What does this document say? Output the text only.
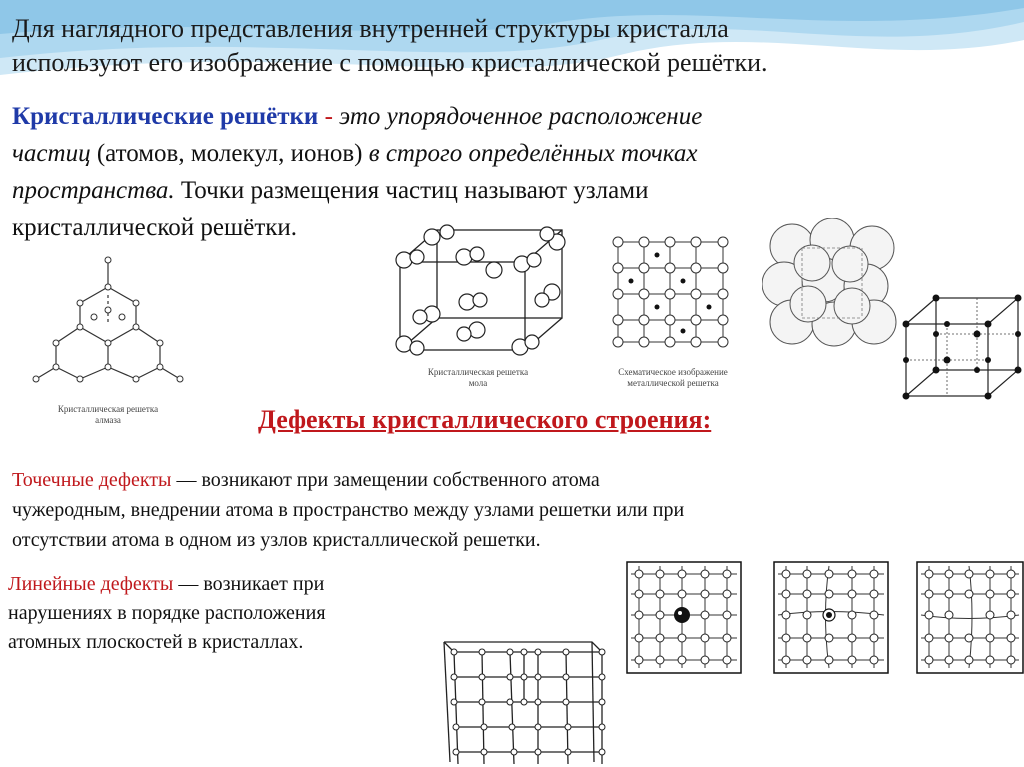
Для наглядного представления внутренней структуры кристалла
используют его изображение с помощью кристаллической решётки.

Кристаллические решётки - это упорядоченное расположение
частиц (атомов, молекул, ионов) в строго определённых точках
пространства. Точки размещения частиц называют узлами
кристаллической решётки.

Кристаллическая решетка
алмаза
Кристаллическая решетка
мола
Схематическое изображение
металлической решетка

Дефекты кристаллического строения:

Точечные дефекты — возникают при замещении собственного атома
чужеродным, внедрении атома в пространство между узлами решетки или при
отсутствии атома в одном из узлов кристаллической решетки.

Линейные дефекты — возникает при
нарушениях в порядке расположения
атомных плоскостей в кристаллах.
